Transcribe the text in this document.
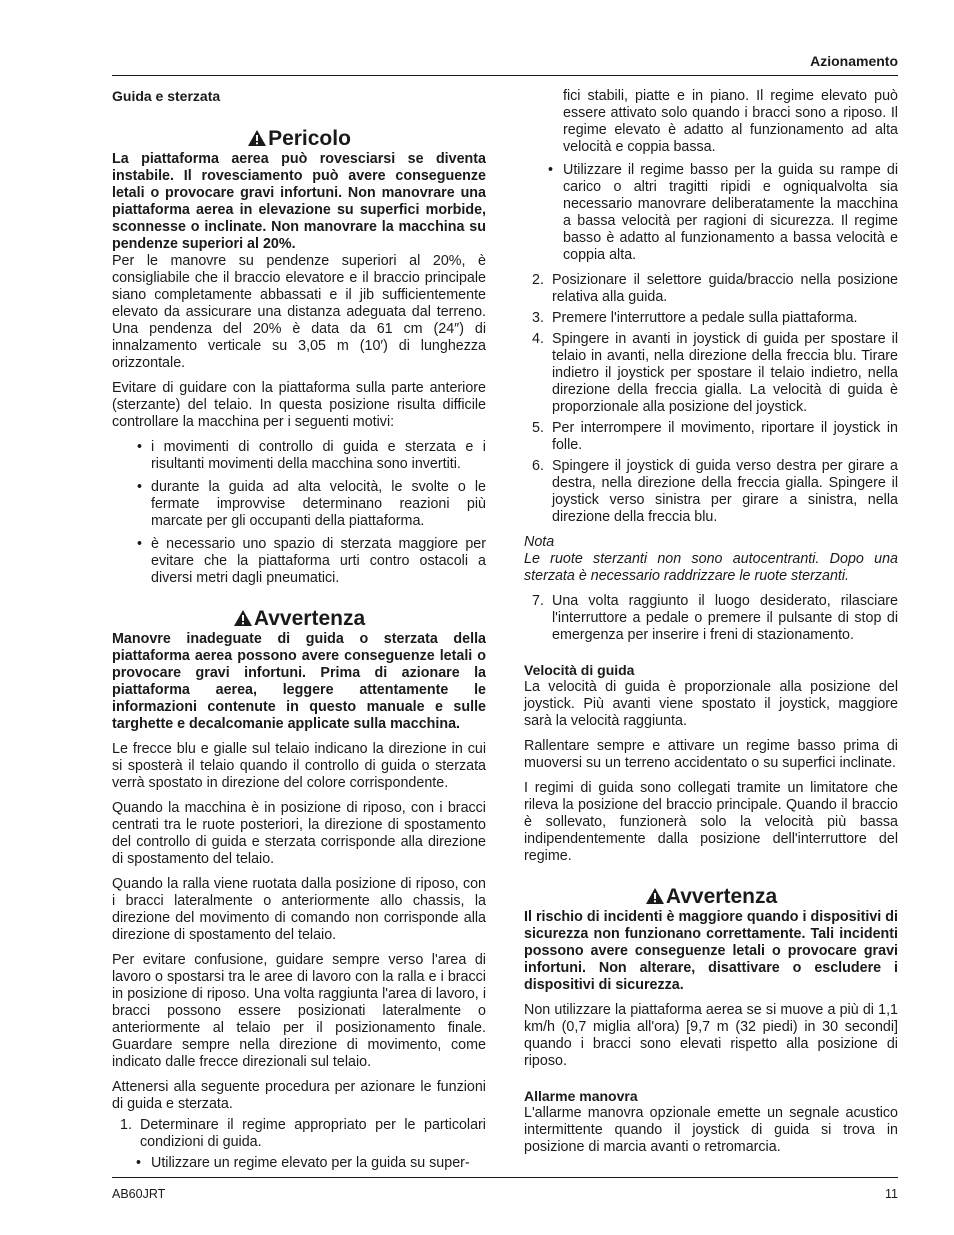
Azionamento
Guida e sterzata
Pericolo
La piattaforma aerea può rovesciarsi se diventa instabile. Il rovesciamento può avere conseguenze letali o provocare gravi infortuni. Non manovrare una piattaforma aerea in elevazione su superfici morbide, sconnesse o inclinate. Non manovrare la macchina su pendenze superiori al 20%.

Per le manovre su pendenze superiori al 20%, è consigliabile che il braccio elevatore e il braccio principale siano completamente abbassati e il jib sufficientemente elevato da assicurare una distanza adeguata dal terreno. Una pendenza del 20% è data da 61 cm (24″) di innalzamento verticale su 3,05 m (10′) di lunghezza orizzontale.

Evitare di guidare con la piattaforma sulla parte anteriore (sterzante) del telaio. In questa posizione risulta difficile controllare la macchina per i seguenti motivi:

• i movimenti di controllo di guida e sterzata e i risultanti movimenti della macchina sono invertiti.
• durante la guida ad alta velocità, le svolte o le fermate improvvise determinano reazioni più marcate per gli occupanti della piattaforma.
• è necessario uno spazio di sterzata maggiore per evitare che la piattaforma urti contro ostacoli a diversi metri dagli pneumatici.
Avvertenza
Manovre inadeguate di guida o sterzata della piattaforma aerea possono avere conseguenze letali o provocare gravi infortuni. Prima di azionare la piattaforma aerea, leggere attentamente le informazioni contenute in questo manuale e sulle targhette e decalcomanie applicate sulla macchina.

Le frecce blu e gialle sul telaio indicano la direzione in cui si sposterà il telaio quando il controllo di guida o sterzata verrà spostato in direzione del colore corrispondente.

Quando la macchina è in posizione di riposo, con i bracci centrati tra le ruote posteriori, la direzione di spostamento del controllo di guida e sterzata corrisponde alla direzione di spostamento del telaio.

Quando la ralla viene ruotata dalla posizione di riposo, con i bracci lateralmente o anteriormente allo chassis, la direzione del movimento di comando non corrisponde alla direzione di spostamento del telaio.

Per evitare confusione, guidare sempre verso l'area di lavoro o spostarsi tra le aree di lavoro con la ralla e i bracci in posizione di riposo. Una volta raggiunta l'area di lavoro, i bracci possono essere posizionati lateralmente o anteriormente al telaio per il posizionamento finale. Guardare sempre nella direzione di movimento, come indicato dalle frecce direzionali sul telaio.

Attenersi alla seguente procedura per azionare le funzioni di guida e sterzata.

1. Determinare il regime appropriato per le particolari condizioni di guida.
• Utilizzare un regime elevato per la guida su super-
fici stabili, piatte e in piano. Il regime elevato può essere attivato solo quando i bracci sono a riposo. Il regime elevato è adatto al funzionamento ad alta velocità e coppia bassa.
• Utilizzare il regime basso per la guida su rampe di carico o altri tragitti ripidi e ogniqualvolta sia necessario manovrare deliberatamente la macchina a bassa velocità per ragioni di sicurezza. Il regime basso è adatto al funzionamento a bassa velocità e coppia alta.
2. Posizionare il selettore guida/braccio nella posizione relativa alla guida.
3. Premere l'interruttore a pedale sulla piattaforma.
4. Spingere in avanti in joystick di guida per spostare il telaio in avanti, nella direzione della freccia blu. Tirare indietro il joystick per spostare il telaio indietro, nella direzione della freccia gialla. La velocità di guida è proporzionale alla posizione del joystick.
5. Per interrompere il movimento, riportare il joystick in folle.
6. Spingere il joystick di guida verso destra per girare a destra, nella direzione della freccia gialla. Spingere il joystick verso sinistra per girare a sinistra, nella direzione della freccia blu.
Nota
Le ruote sterzanti non sono autocentranti. Dopo una sterzata è necessario raddrizzare le ruote sterzanti.
7. Una volta raggiunto il luogo desiderato, rilasciare l'interruttore a pedale o premere il pulsante di stop di emergenza per inserire i freni di stazionamento.
Velocità di guida

La velocità di guida è proporzionale alla posizione del joystick. Più avanti viene spostato il joystick, maggiore sarà la velocità raggiunta.

Rallentare sempre e attivare un regime basso prima di muoversi su un terreno accidentato o su superfici inclinate.

I regimi di guida sono collegati tramite un limitatore che rileva la posizione del braccio principale. Quando il braccio è sollevato, funzionerà solo la velocità più bassa indipendentemente dalla posizione dell'interruttore del regime.

Avvertenza
Il rischio di incidenti è maggiore quando i dispositivi di sicurezza non funzionano correttamente. Tali incidenti possono avere conseguenze letali o provocare gravi infortuni. Non alterare, disattivare o escludere i dispositivi di sicurezza.

Non utilizzare la piattaforma aerea se si muove a più di 1,1 km/h (0,7 miglia all'ora) [9,7 m (32 piedi) in 30 secondi] quando i bracci sono elevati rispetto alla posizione di riposo.

Allarme manovra

L'allarme manovra opzionale emette un segnale acustico intermittente quando il joystick di guida si trova in posizione di marcia avanti o retromarcia.

AB60JRT	11
